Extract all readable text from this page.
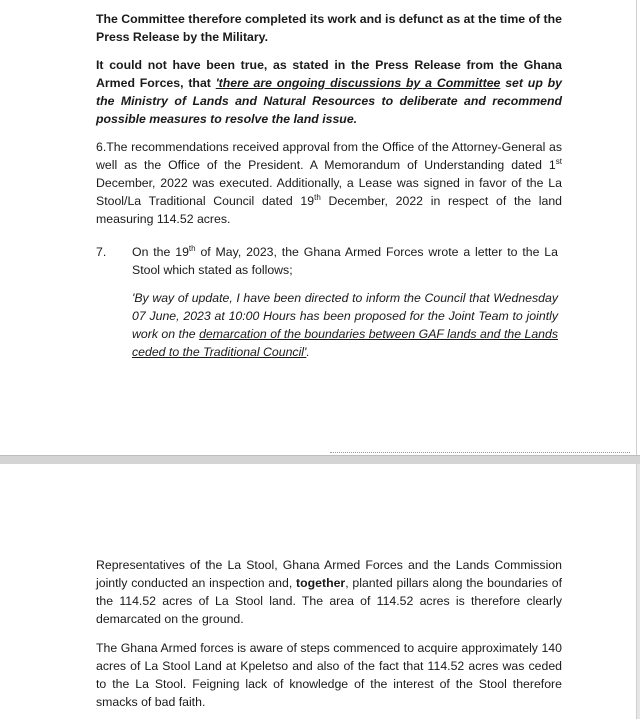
The Committee therefore completed its work and is defunct as at the time of the Press Release by the Military.

It could not have been true, as stated in the Press Release from the Ghana Armed Forces, that 'there are ongoing discussions by a Committee set up by the Ministry of Lands and Natural Resources to deliberate and recommend possible measures to resolve the land issue.

6.The recommendations received approval from the Office of the Attorney-General as well as the Office of the President. A Memorandum of Understanding dated 1st December, 2022 was executed. Additionally, a Lease was signed in favor of the La Stool/La Traditional Council dated 19th December, 2022 in respect of the land measuring 114.52 acres.

7. On the 19th of May, 2023, the Ghana Armed Forces wrote a letter to the La Stool which stated as follows;

'By way of update, I have been directed to inform the Council that Wednesday 07 June, 2023 at 10:00 Hours has been proposed for the Joint Team to jointly work on the demarcation of the boundaries between GAF lands and the Lands ceded to the Traditional Council'.

Representatives of the La Stool, Ghana Armed Forces and the Lands Commission jointly conducted an inspection and, together, planted pillars along the boundaries of the 114.52 acres of La Stool land. The area of 114.52 acres is therefore clearly demarcated on the ground.

The Ghana Armed forces is aware of steps commenced to acquire approximately 140 acres of La Stool Land at Kpeletso and also of the fact that 114.52 acres was ceded to the La Stool. Feigning lack of knowledge of the interest of the Stool therefore smacks of bad faith.
